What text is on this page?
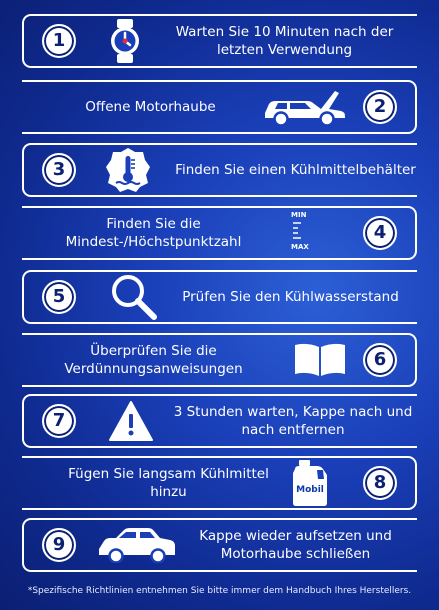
1	Warten Sie 10 Minuten nach der letzten Verwendung
Offene Motorhaube	2
3	Finden Sie einen Kühlmittelbehälter
Finden Sie die Mindest-/Höchstpunktzahl
MIN
MAX
4
5	Prüfen Sie den Kühlwasserstand
Überprüfen Sie die Verdünnungsanweisungen	6
7	3 Stunden warten, Kappe nach und nach entfernen
Fügen Sie langsam Kühlmittel hinzu	Mobil	8
9	Kappe wieder aufsetzen und Motorhaube schließen
*Spezifische Richtlinien entnehmen Sie bitte immer dem Handbuch Ihres Herstellers.
